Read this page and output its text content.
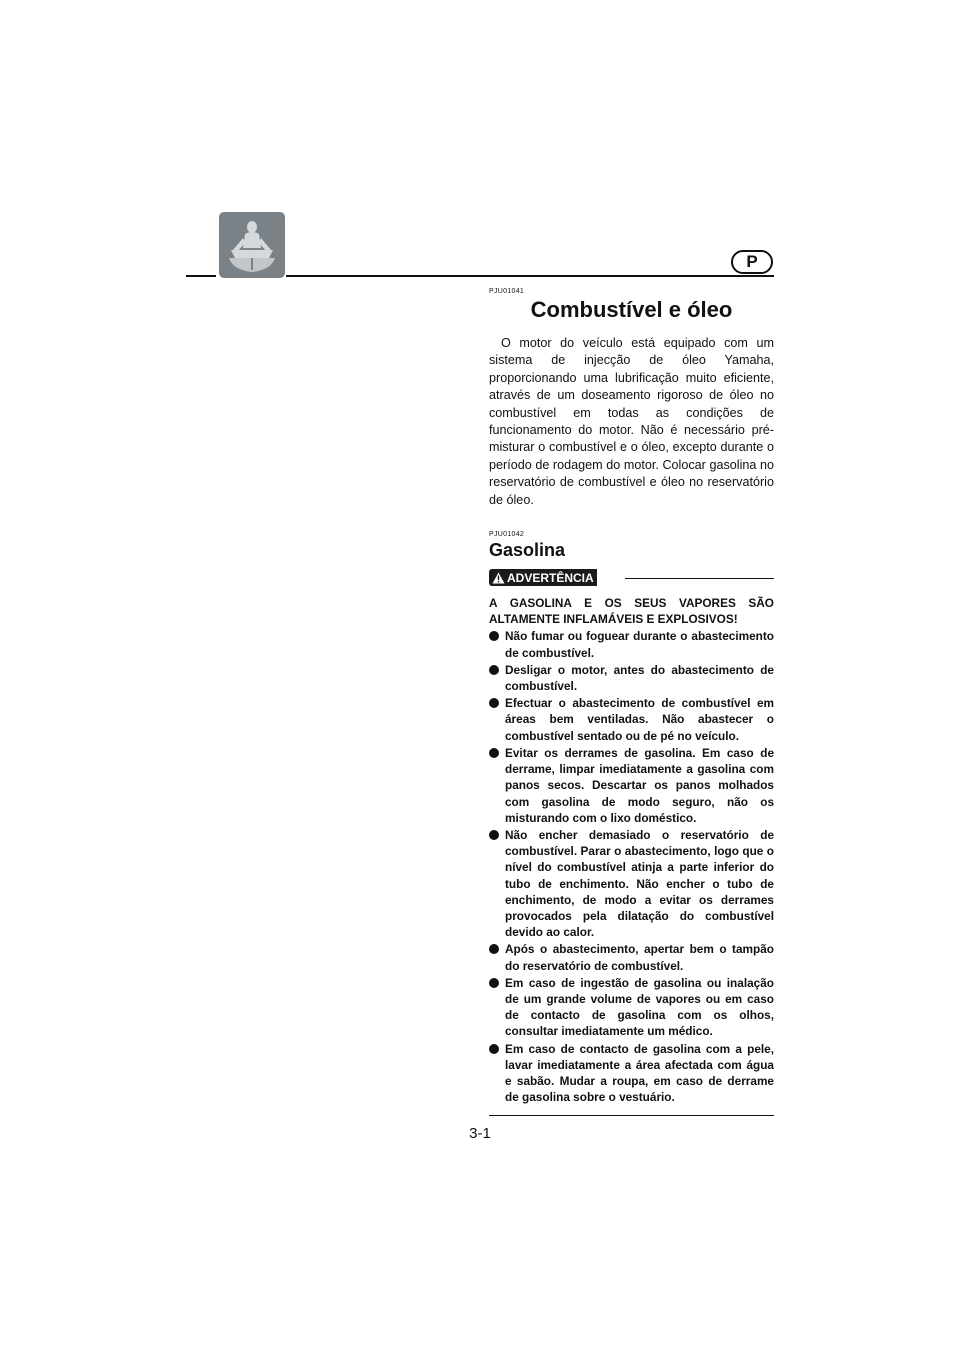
P

PJU01041

Combustível e óleo

O motor do veículo está equipado com um sistema de injecção de óleo Yamaha, proporcionando uma lubrificação muito eficiente, através de um doseamento rigoroso de óleo no combustível em todas as condições de funcionamento do motor. Não é necessário pré-misturar o combustível e o óleo, excepto durante o período de rodagem do motor. Colocar gasolina no reservatório de combustível e óleo no reservatório de óleo.

PJU01042

Gasolina
ADVERTÊNCIA

A GASOLINA E OS SEUS VAPORES SÃO ALTAMENTE INFLAMÁVEIS E EXPLOSIVOS!

Não fumar ou foguear durante o abastecimento de combustível.
Desligar o motor, antes do abastecimento de combustível.
Efectuar o abastecimento de combustível em áreas bem ventiladas. Não abastecer o combustível sentado ou de pé no veículo.
Evitar os derrames de gasolina. Em caso de derrame, limpar imediatamente a gasolina com panos secos. Descartar os panos molhados com gasolina de modo seguro, não os misturando com o lixo doméstico.
Não encher demasiado o reservatório de combustível. Parar o abastecimento, logo que o nível do combustível atinja a parte inferior do tubo de enchimento. Não encher o tubo de enchimento, de modo a evitar os derrames provocados pela dilatação do combustível devido ao calor.
Após o abastecimento, apertar bem o tampão do reservatório de combustível.
Em caso de ingestão de gasolina ou inalação de um grande volume de vapores ou em caso de contacto de gasolina com os olhos, consultar imediatamente um médico.
Em caso de contacto de gasolina com a pele, lavar imediatamente a área afectada com água e sabão. Mudar a roupa, em caso de derrame de gasolina sobre o vestuário.
3-1
